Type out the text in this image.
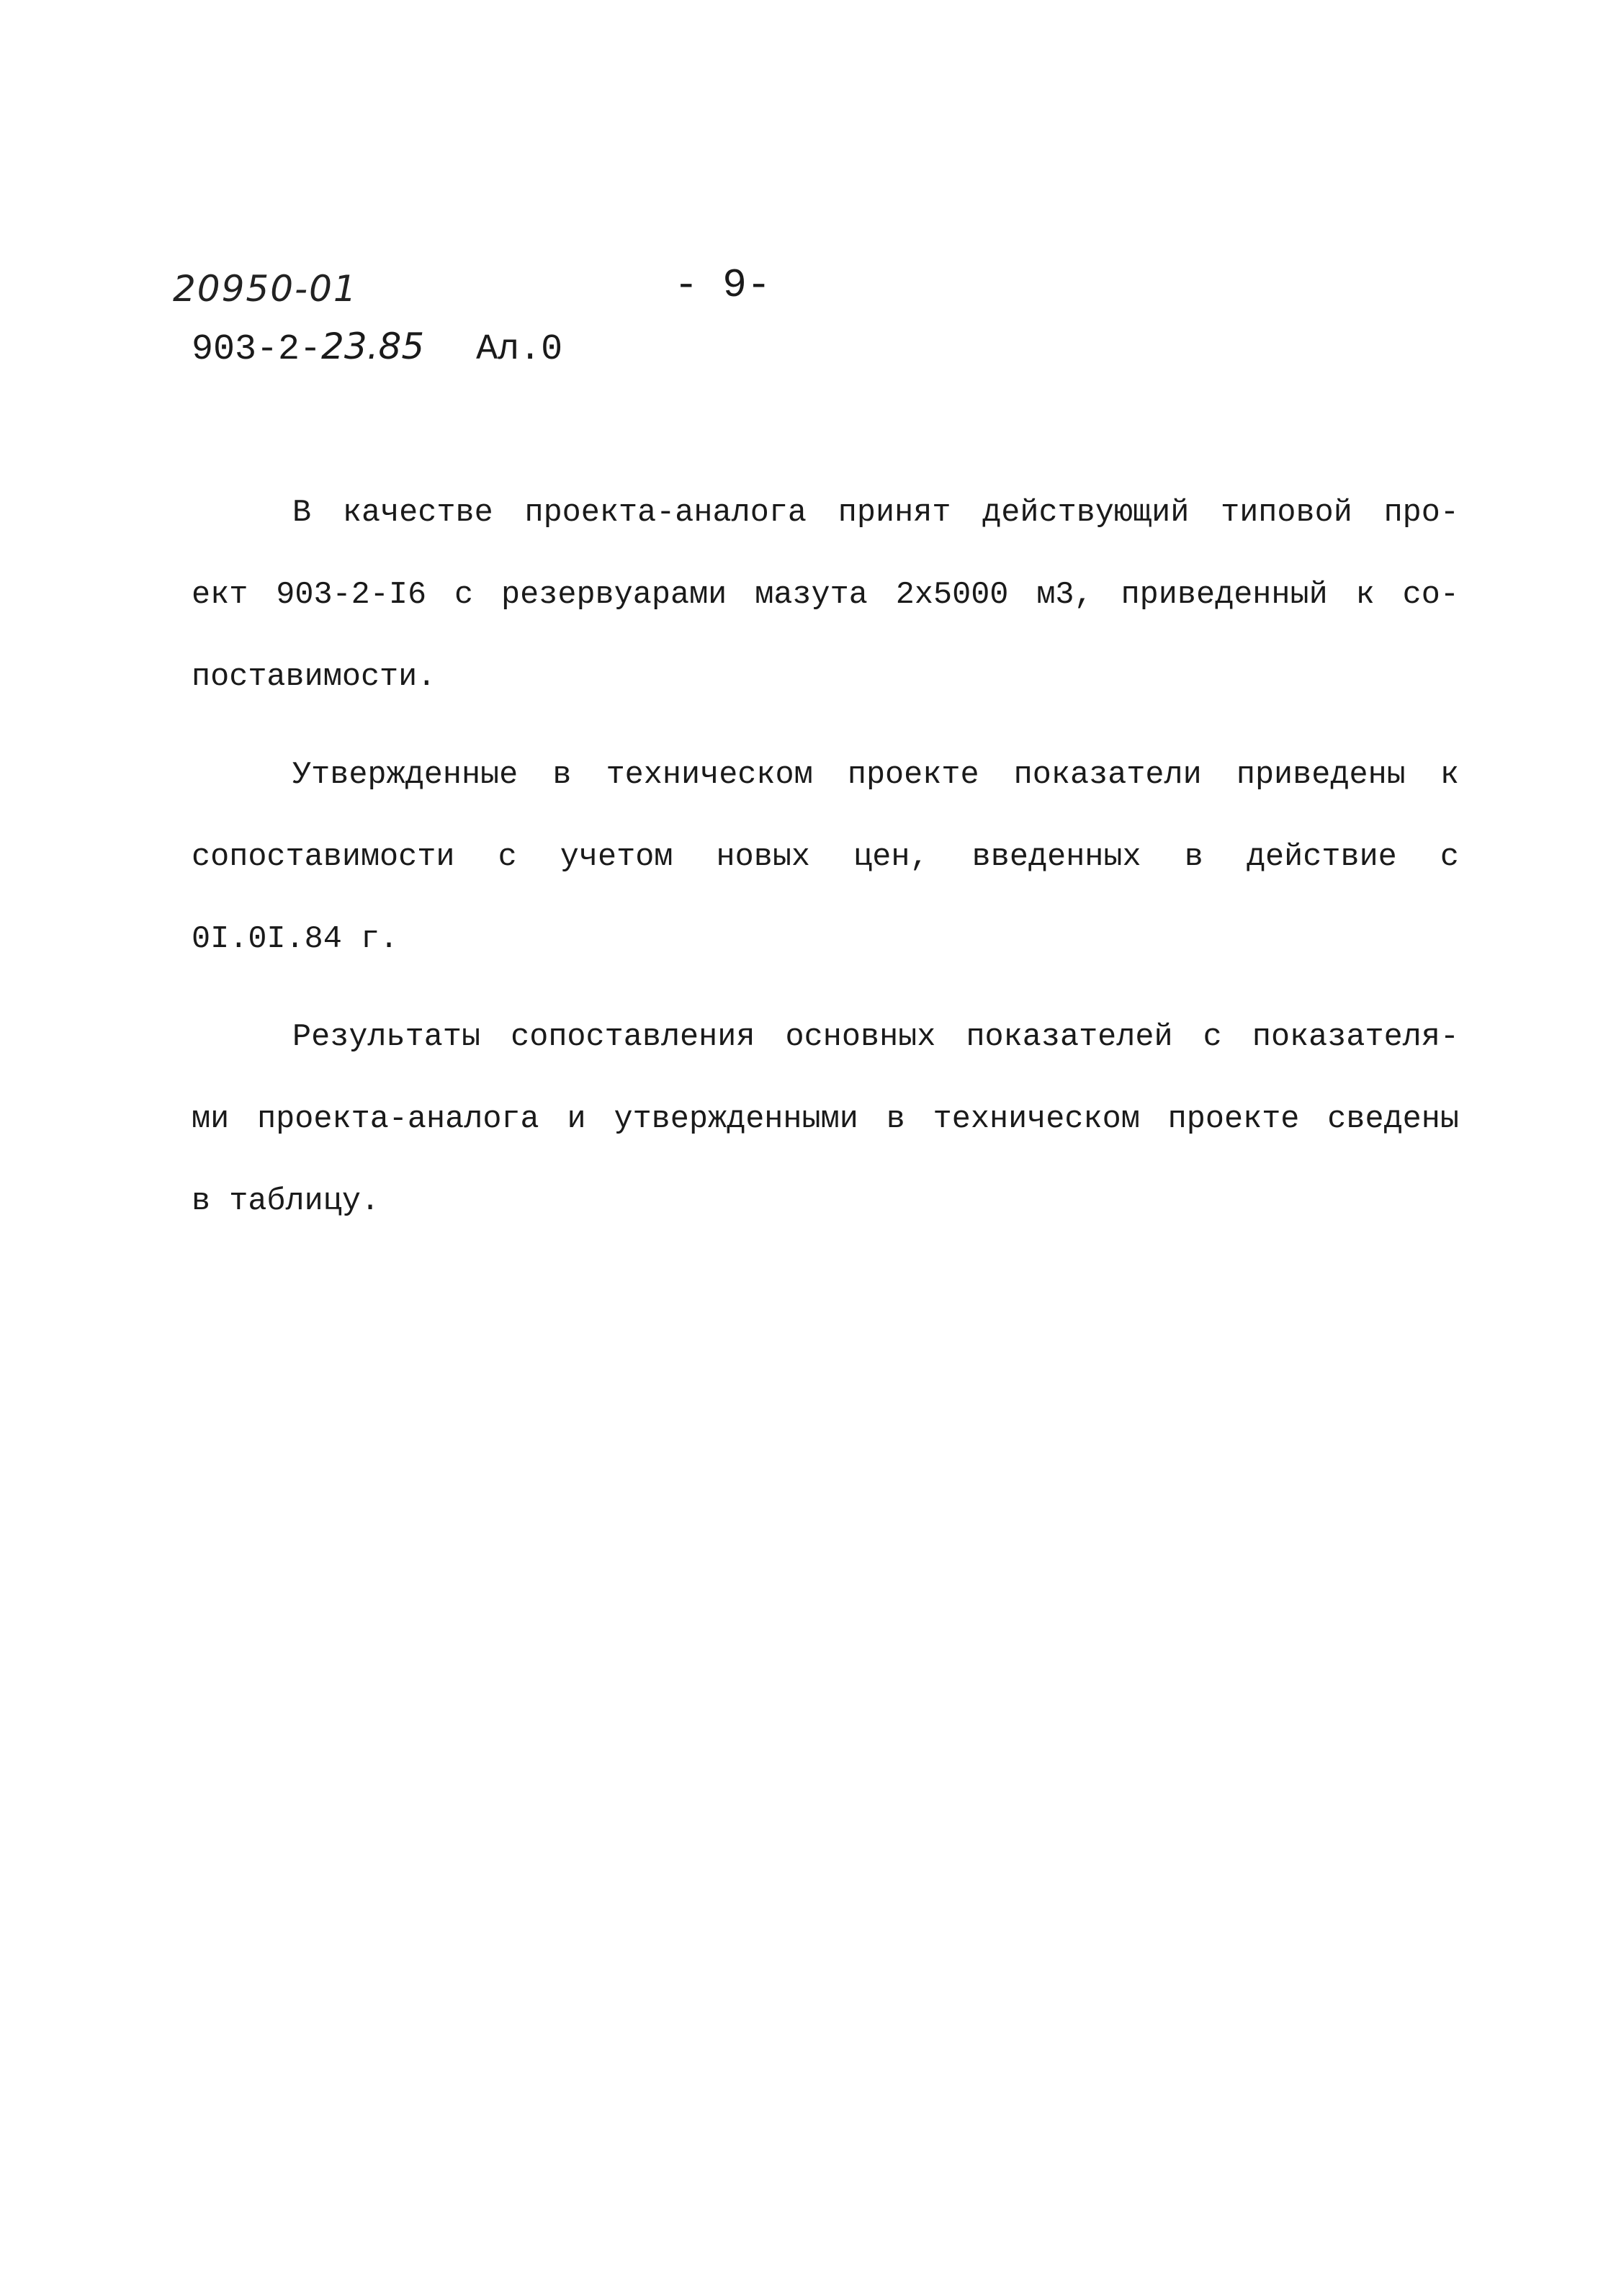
20950-01	- 9-
903-2-23.85 Ал.0
В качестве проекта-аналога принят действующий типовой про-
ект 903-2-I6 с резервуарами мазута 2х5000 м3, приведенный к со-
поставимости.
Утвержденные в техническом проекте показатели приведены к
сопоставимости с учетом новых цен, введенных в действие с
0I.0I.84 г.
Результаты сопоставления основных показателей с показателя-
ми проекта-аналога и утвержденными в техническом проекте сведены
в таблицу.
